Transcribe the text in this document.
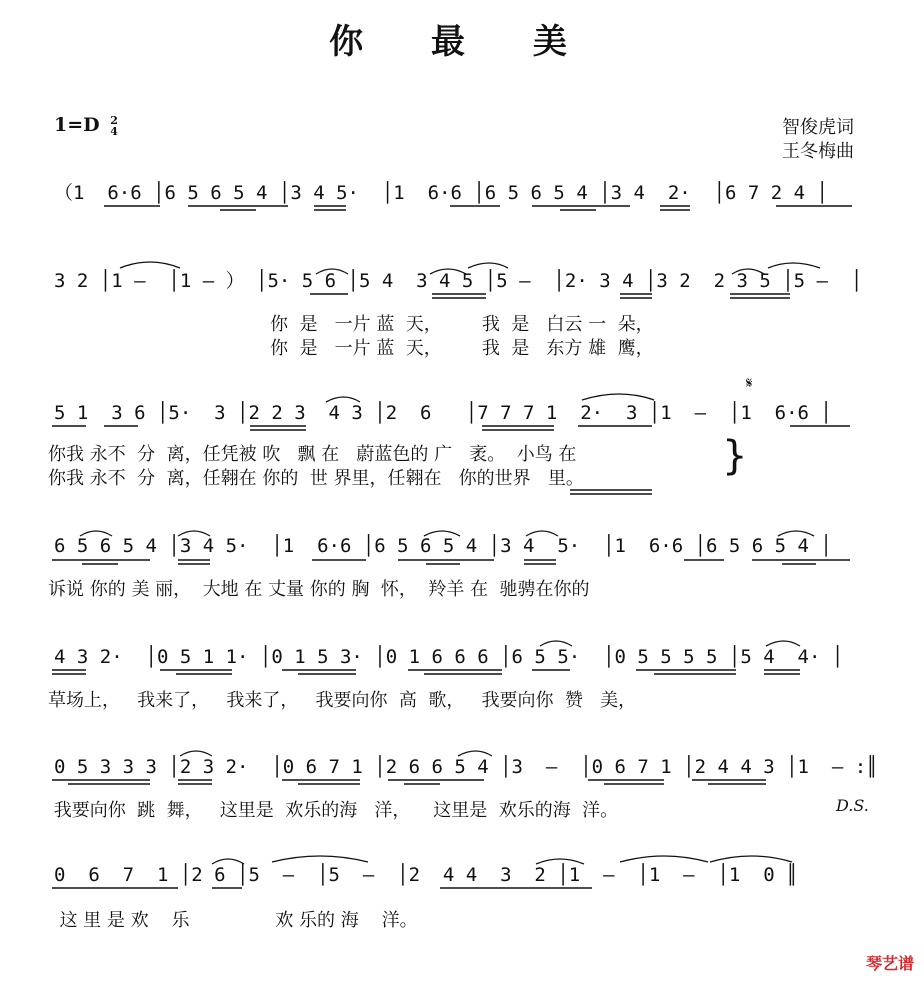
你 最 美
1=D 2
4	智俊虎词
王冬梅曲
𝄋
（1  6·6 │6 5 6 5 4 │3 4 5·  │1  6·6 │6 5 6 5 4 │3 4  2·  │6 7 2 4 │
3 2 │1 –  │1 – ） │5· 5 6 │5 4  3 4 5 │5 –  │2· 3 4 │3 2  2 3 5 │5 –  │
你  是   一片 蓝  天，       我  是   白云 一  朵，
你  是   一片 蓝  天，       我  是   东方 雄  鹰，
5 1  3 6 │5·  3 │2 2 3  4 3 │2  6   │7 7 7 1  2·  3 │1  –  │1  6·6 │
你我 永不  分  离，任凭被 吹   飘 在   蔚蓝色的 广   袤。  小鸟 在
你我 永不  分  离，任翱在 你的  世 界里，任翱在   你的世界   里。	}
6 5 6 5 4 │3 4 5·  │1  6·6 │6 5 6 5 4 │3 4  5·  │1  6·6 │6 5 6 5 4 │
诉说 你的 美 丽，  大地 在 丈量 你的 胸  怀，  羚羊 在  驰骋在你的
4 3 2·  │0 5 1 1· │0 1 5 3· │0 1 6 6 6 │6 5 5·  │0 5 5 5 5 │5 4  4· │
草场上，   我来了，   我来了，   我要向你  高  歌，   我要向你  赞   美，
0 5 3 3 3 │2 3 2·  │0 6 7 1 │2 6 6 5 4 │3  –  │0 6 7 1 │2 4 4 3 │1  – :║
我要向你  跳  舞，   这里是  欢乐的海   洋，    这里是  欢乐的海  洋。	D.S.
0  6  7  1 │2 6 │5  –  │5  –  │2  4 4  3  2 │1  –  │1  –  │1  0 ║
这 里 是 欢    乐               欢 乐的 海    洋。
琴艺谱
